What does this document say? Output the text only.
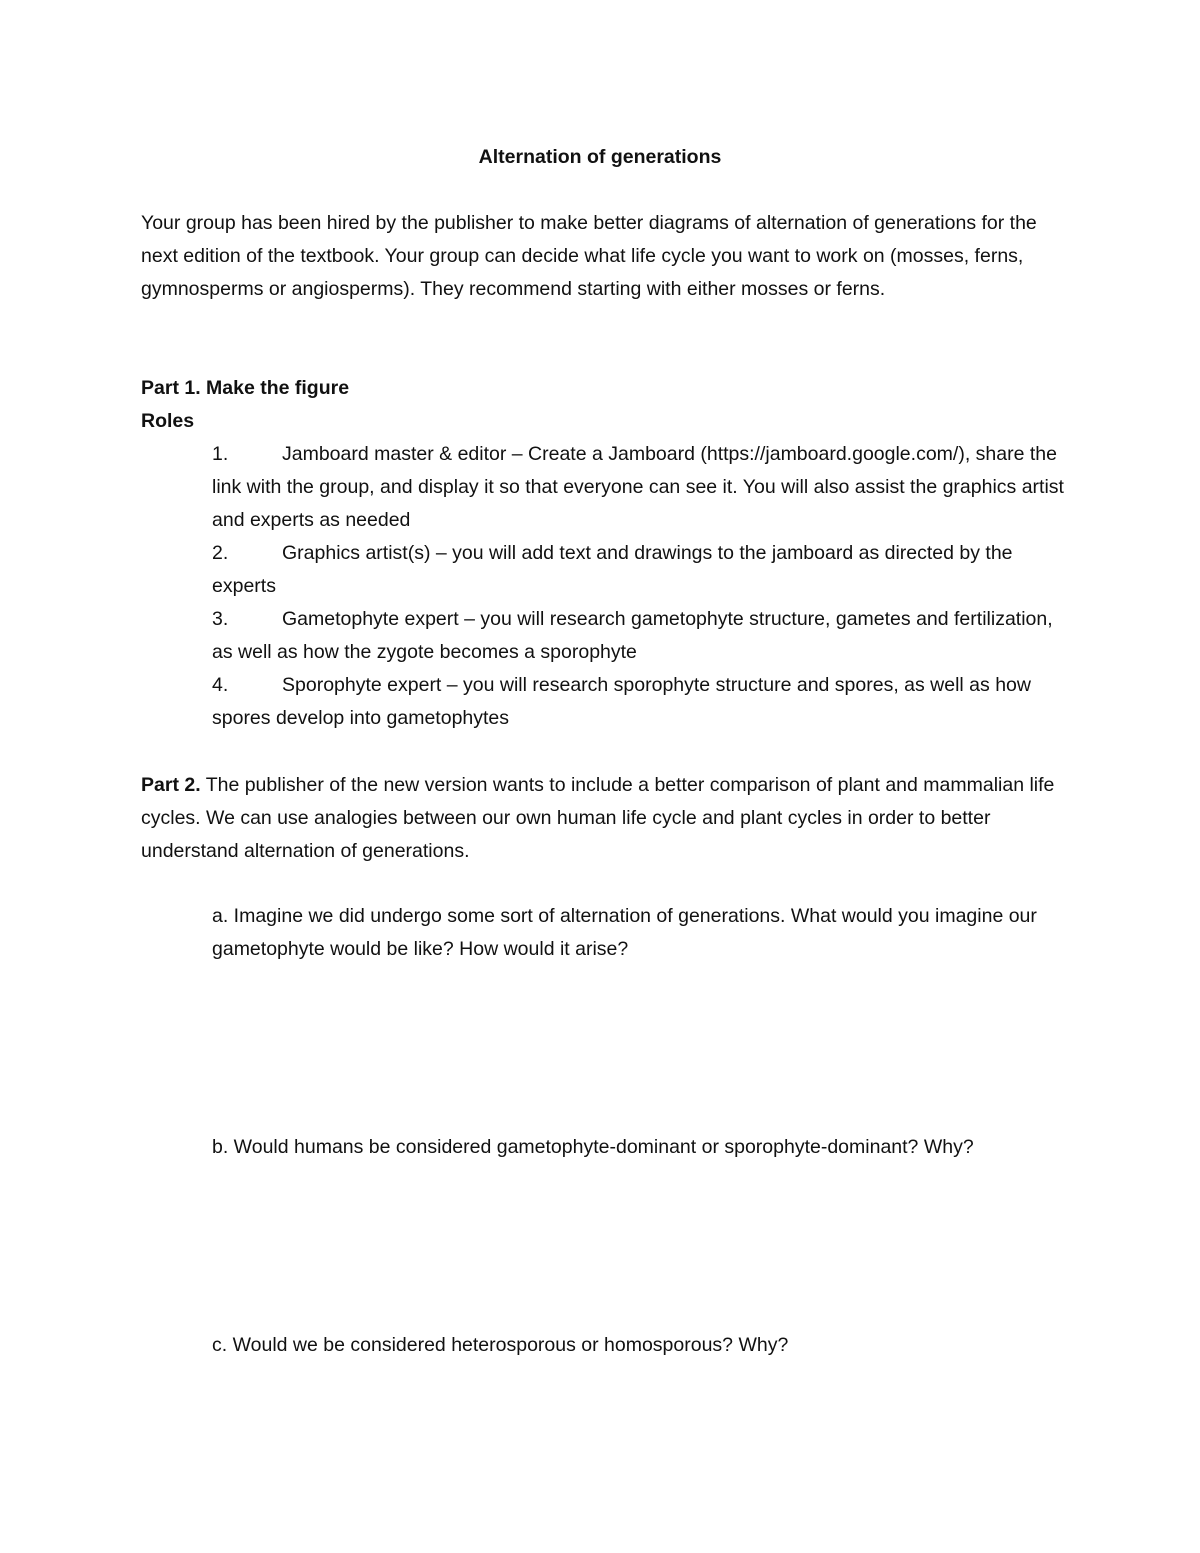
Alternation of generations

Your group has been hired by the publisher to make better diagrams of alternation of generations for the next edition of the textbook. Your group can decide what life cycle you want to work on (mosses, ferns, gymnosperms or angiosperms). They recommend starting with either mosses or ferns.

Part 1. Make the figure

Roles

1.	Jamboard master & editor – Create a Jamboard (https://jamboard.google.com/), share the link with the group, and display it so that everyone can see it. You will also assist the graphics artist and experts as needed
2.	Graphics artist(s) – you will add text and drawings to the jamboard as directed by the experts
3.	Gametophyte expert – you will research gametophyte structure, gametes and fertilization, as well as how the zygote becomes a sporophyte
4.	Sporophyte expert – you will research sporophyte structure and spores, as well as how spores develop into gametophytes

Part 2. The publisher of the new version wants to include a better comparison of plant and mammalian life cycles. We can use analogies between our own human life cycle and plant cycles in order to better understand alternation of generations.

a. Imagine we did undergo some sort of alternation of generations. What would you imagine our gametophyte would be like? How would it arise?

b. Would humans be considered gametophyte-dominant or sporophyte-dominant? Why?

c. Would we be considered heterosporous or homosporous? Why?
